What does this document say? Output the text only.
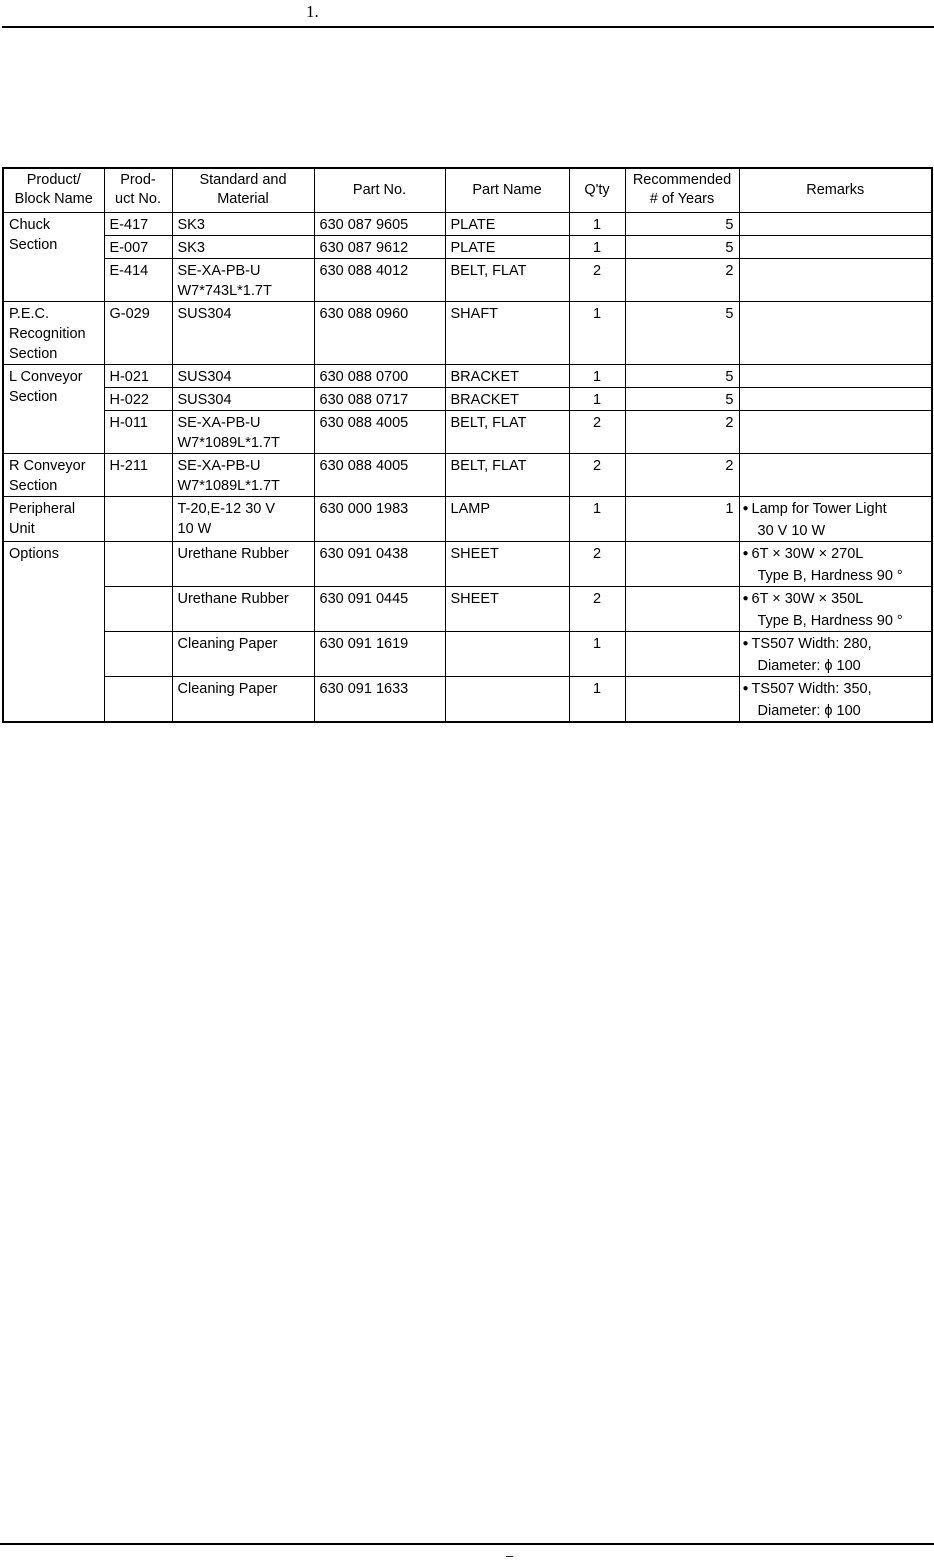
1.
Product/
Block Name	Prod-
uct No.	Standard and
Material	Part No.	Part Name	Q'ty	Recommended
# of Years	Remarks
Chuck
Section	E-417	SK3	630 087 9605	PLATE	1	5	
	E-007	SK3	630 087 9612	PLATE	1	5	
	E-414	SE-XA-PB-U
W7*743L*1.7T	630 088 4012	BELT, FLAT	2	2	
P.E.C.
Recognition
Section	G-029	SUS304	630 088 0960	SHAFT	1	5	
L Conveyor
Section	H-021	SUS304	630 088 0700	BRACKET	1	5	
	H-022	SUS304	630 088 0717	BRACKET	1	5	
	H-011	SE-XA-PB-U
W7*1089L*1.7T	630 088 4005	BELT, FLAT	2	2	
R Conveyor
Section	H-211	SE-XA-PB-U
W7*1089L*1.7T	630 088 4005	BELT, FLAT	2	2	
Peripheral
Unit		T-20,E-12 30 V
10 W	630 000 1983	LAMP	1	1	● Lamp for Tower Light
30 V 10 W

Options		Urethane Rubber	630 091 0438	SHEET	2		● 6T × 30W × 270L
Type B, Hardness 90 °

		Urethane Rubber	630 091 0445	SHEET	2		● 6T × 30W × 350L
Type B, Hardness 90 °

		Cleaning Paper	630 091 1619		1		● TS507 Width: 280,
Diameter: ϕ 100

		Cleaning Paper	630 091 1633		1		● TS507 Width: 350,
Diameter: ϕ 100
–
